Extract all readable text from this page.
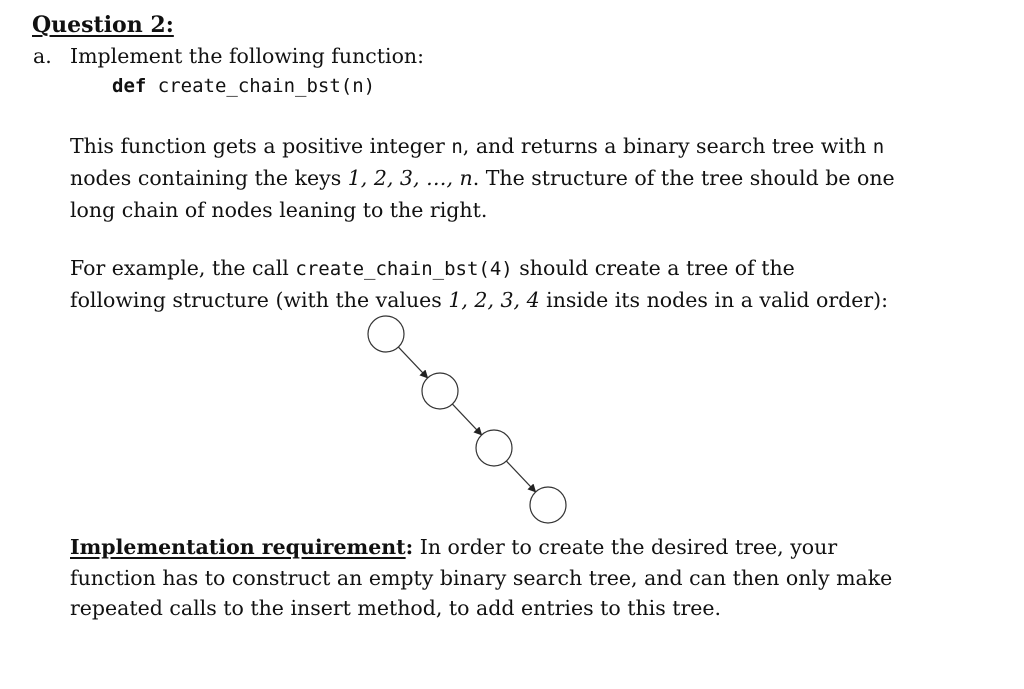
Question 2:
a. Implement the following function:
def create_chain_bst(n)
This function gets a positive integer n, and returns a binary search tree with n
nodes containing the keys 1, 2, 3, …, n. The structure of the tree should be one
long chain of nodes leaning to the right.
For example, the call create_chain_bst(4) should create a tree of the
following structure (with the values 1, 2, 3, 4 inside its nodes in a valid order):
Implementation requirement: In order to create the desired tree, your
function has to construct an empty binary search tree, and can then only make
repeated calls to the insert method, to add entries to this tree.
